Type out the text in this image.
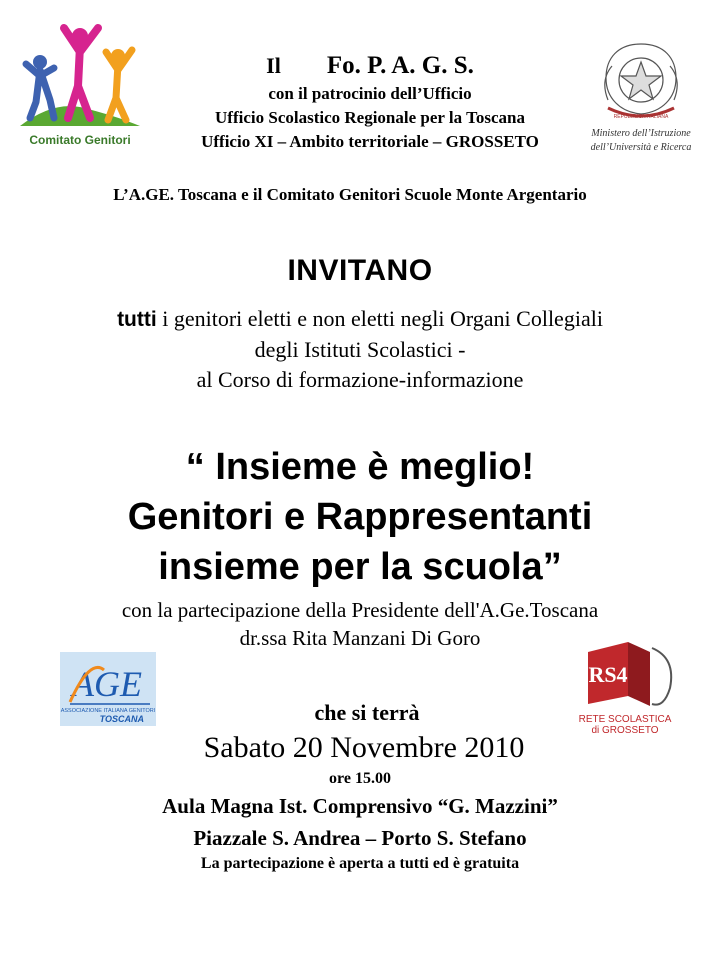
Comitato Genitori
Il Fo. P. A. G. S.
con il patrocinio dell’Ufficio
Ufficio Scolastico Regionale per la Toscana
Ufficio XI – Ambito territoriale – GROSSETO
REPUBBLICA ITALIANA
Ministero dell’Istruzione
dell’Università e Ricerca
L’A.GE. Toscana e il Comitato Genitori Scuole Monte Argentario
INVITANO
tutti i genitori eletti e non eletti negli Organi Collegiali
degli Istituti Scolastici -
al Corso di formazione-informazione
“ Insieme è meglio!
Genitori e Rappresentanti
insieme per la scuola”
con la partecipazione della Presidente dell'A.Ge.Toscana
dr.ssa Rita Manzani Di Goro
AGE
ASSOCIAZIONE ITALIANA GENITORI
TOSCANA
RS4
RETE SCOLASTICA
di GROSSETO
che si terrà
Sabato 20 Novembre 2010
ore 15.00
Aula Magna Ist. Comprensivo “G. Mazzini”
Piazzale S. Andrea – Porto S. Stefano
La partecipazione è aperta a tutti ed è gratuita
